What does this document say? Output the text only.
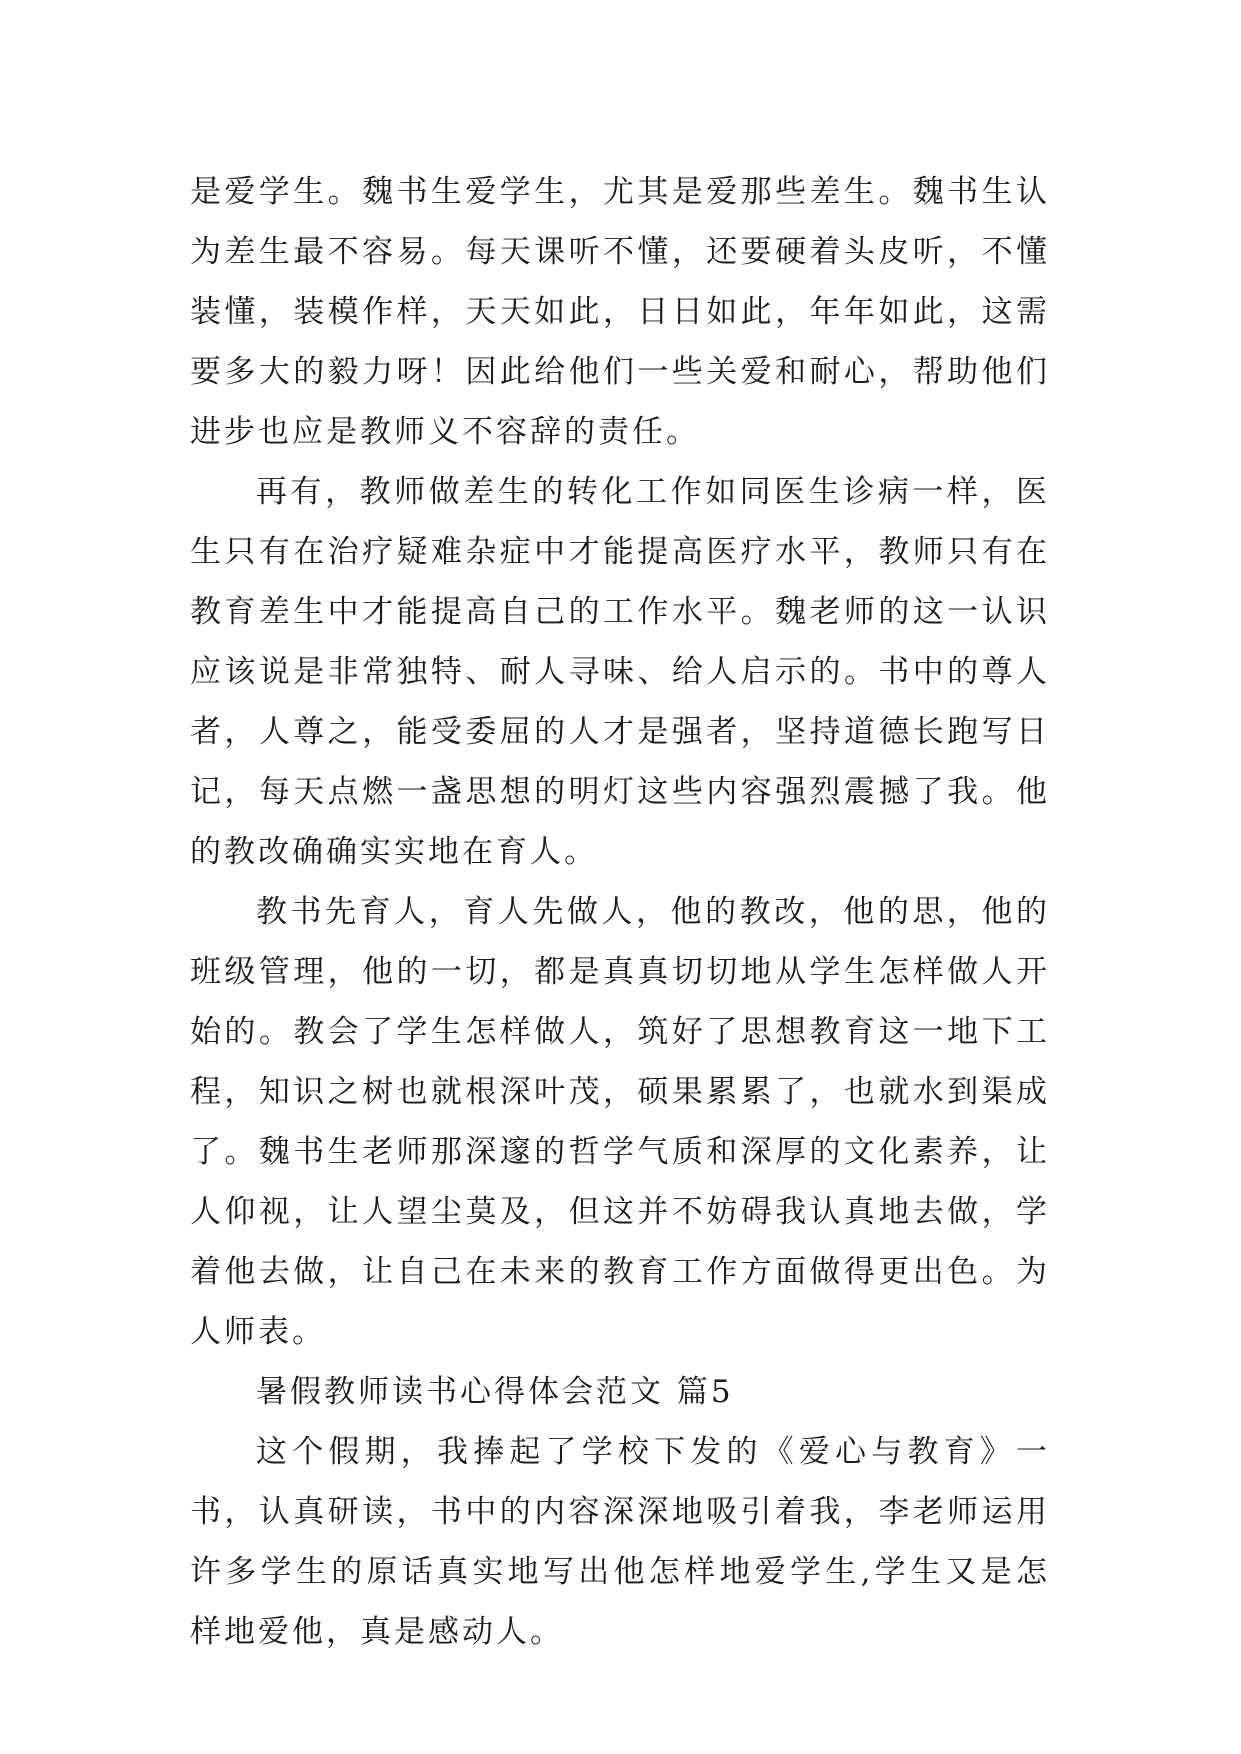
是爱学生。魏书生爱学生，尤其是爱那些差生。魏书生认为差生最不容易。每天课听不懂，还要硬着头皮听，不懂装懂，装模作样，天天如此，日日如此，年年如此，这需要多大的毅力呀！因此给他们一些关爱和耐心，帮助他们进步也应是教师义不容辞的责任。

再有，教师做差生的转化工作如同医生诊病一样，医生只有在治疗疑难杂症中才能提高医疗水平，教师只有在教育差生中才能提高自己的工作水平。魏老师的这一认识应该说是非常独特、耐人寻味、给人启示的。书中的尊人者，人尊之，能受委屈的人才是强者，坚持道德长跑写日记，每天点燃一盏思想的明灯这些内容强烈震撼了我。他的教改确确实实地在育人。

教书先育人，育人先做人，他的教改，他的思，他的班级管理，他的一切，都是真真切切地从学生怎样做人开始的。教会了学生怎样做人，筑好了思想教育这一地下工程，知识之树也就根深叶茂，硕果累累了，也就水到渠成了。魏书生老师那深邃的哲学气质和深厚的文化素养，让人仰视，让人望尘莫及，但这并不妨碍我认真地去做，学着他去做，让自己在未来的教育工作方面做得更出色。为人师表。

暑假教师读书心得体会范文 篇5

这个假期，我捧起了学校下发的《爱心与教育》一书，认真研读，书中的内容深深地吸引着我，李老师运用许多学生的原话真实地写出他怎样地爱学生,学生又是怎样地爱他，真是感动人。
